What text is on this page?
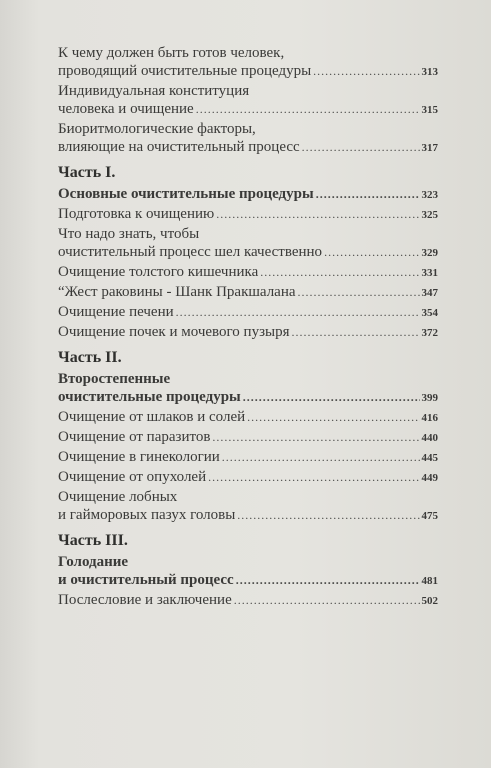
К чему должен быть готов человек,
проводящий очистительные процедуры .....	313
Индивидуальная конституция
человека и очищение .....	315
Биоритмологические факторы,
влияющие на очистительный процесс .....	317
Часть I.
Основные очистительные процедуры .....	323
Подготовка к очищению .....	325
Что надо знать, чтобы
очистительный процесс шел качественно .....	329
Очищение толстого кишечника .....	331
“Жест раковины - Шанк Пракшалана .....	347
Очищение печени .....	354
Очищение почек и мочевого пузыря .....	372
Часть II.
Второстепенные
очистительные процедуры .....	399
Очищение от шлаков и солей .....	416
Очищение от паразитов .....	440
Очищение в гинекологии .....	445
Очищение от опухолей .....	449
Очищение лобных
и гайморовых пазух головы .....	475
Часть III.
Голодание
и очистительный процесс .....	481
Послесловие и заключение .....	502
